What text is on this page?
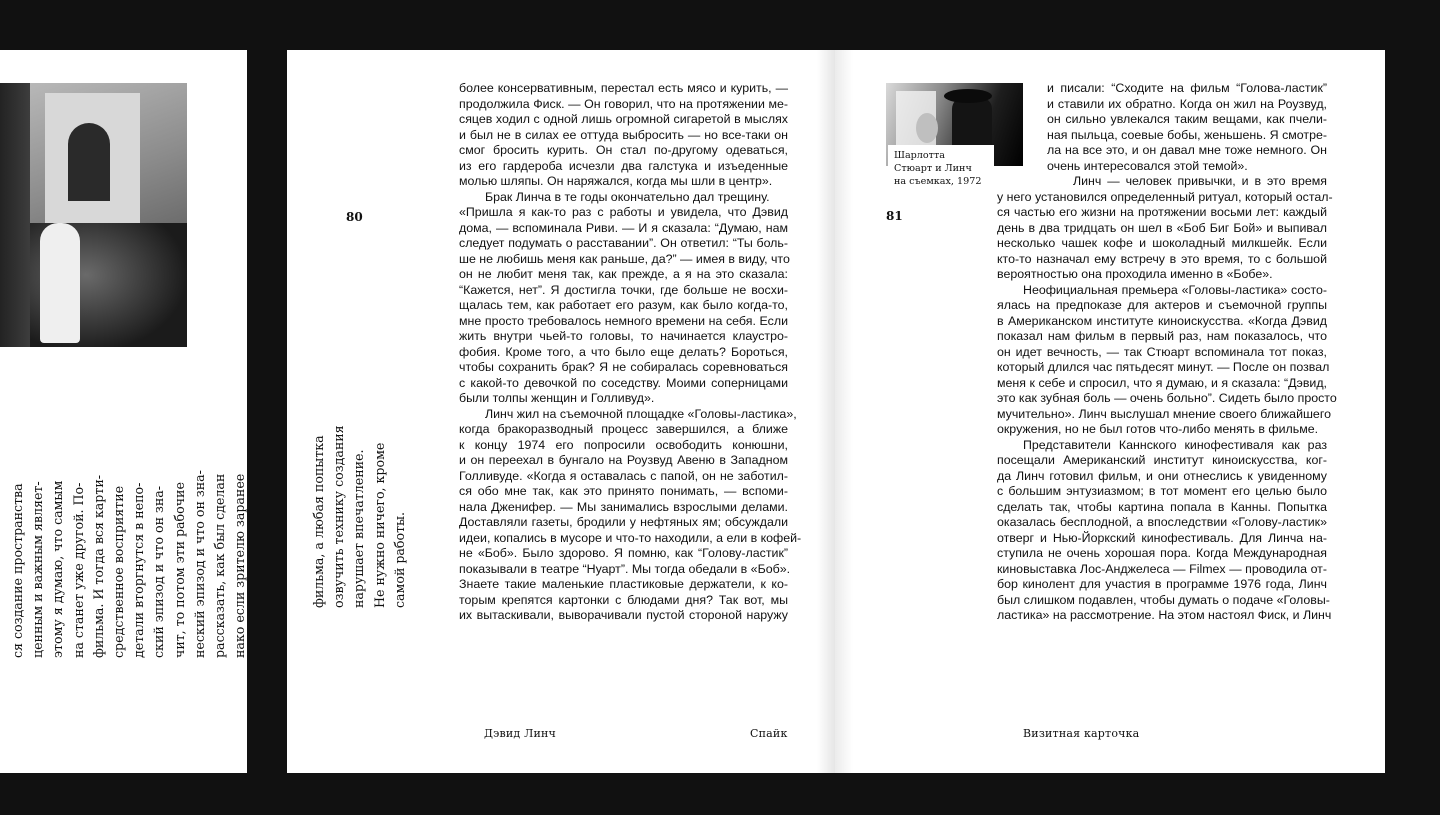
ся создание пространства ценным и важным являет- этому я думаю, что самым на станет уже другой. По- фильма. И тогда вся карти- средственное восприятие детали вторгнутся в непо- ский эпизод и что он зна- чит, то потом эти рабочие неский эпизод и что он зна- рассказать, как был сделан нако если зрителю заранее
80
фильма, а любая попытка озвучить технику создания нарушает впечатление. Не нужно ничего, кроме самой работы.
более консервативным, перестал есть мясо и курить, —
продолжила Фиск. — Он говорил, что на протяжении ме-
сяцев ходил с одной лишь огромной сигаретой в мыслях
и был не в силах ее оттуда выбросить — но все-таки он
смог бросить курить. Он стал по-другому одеваться,
из его гардероба исчезли два галстука и изъеденные
молью шляпы. Он наряжался, когда мы шли в центр».
Брак Линча в те годы окончательно дал трещину.
«Пришла я как-то раз с работы и увидела, что Дэвид
дома, — вспоминала Риви. — И я сказала: “Думаю, нам
следует подумать о расставании”. Он ответил: “Ты боль-
ше не любишь меня как раньше, да?” — имея в виду, что
он не любит меня так, как прежде, а я на это сказала:
“Кажется, нет”. Я достигла точки, где больше не восхи-
щалась тем, как работает его разум, как было когда-то,
мне просто требовалось немного времени на себя. Если
жить внутри чьей-то головы, то начинается клаустро-
фобия. Кроме того, а что было еще делать? Бороться,
чтобы сохранить брак? Я не собиралась соревноваться
с какой-то девочкой по соседству. Моими соперницами
были толпы женщин и Голливуд».
Линч жил на съемочной площадке «Головы-ластика»,
когда бракоразводный процесс завершился, а ближе
к концу 1974 его попросили освободить конюшни,
и он переехал в бунгало на Роузвуд Авеню в Западном
Голливуде. «Когда я оставалась с папой, он не заботил-
ся обо мне так, как это принято понимать, — вспоми-
нала Дженифер. — Мы занимались взрослыми делами.
Доставляли газеты, бродили у нефтяных ям; обсуждали
идеи, копались в мусоре и что-то находили, а ели в кофей-
не «Боб». Было здорово. Я помню, как “Голову-ластик”
показывали в театре “Нуарт”. Мы тогда обедали в «Боб».
Знаете такие маленькие пластиковые держатели, к ко-
торым крепятся картонки с блюдами дня? Так вот, мы
их вытаскивали, выворачивали пустой стороной наружу
Дэвид Линч	Спайк
Шарлотта
Стюарт и Линч
на съемках, 1972
81
и писали: “Сходите на фильм “Голова-ластик”
и ставили их обратно. Когда он жил на Роузвуд,
он сильно увлекался таким вещами, как пчели-
ная пыльца, соевые бобы, женьшень. Я смотре-
ла на все это, и он давал мне тоже немного. Он
очень интересовался этой темой».
Линч — человек привычки, и в это время
у него установился определенный ритуал, который остал-
ся частью его жизни на протяжении восьми лет: каждый
день в два тридцать он шел в «Боб Биг Бой» и выпивал
несколько чашек кофе и шоколадный милкшейк. Если
кто-то назначал ему встречу в это время, то с большой
вероятностью она проходила именно в «Бобе».
Неофициальная премьера «Головы-ластика» состо-
ялась на предпоказе для актеров и съемочной группы
в Американском институте киноискусства. «Когда Дэвид
показал нам фильм в первый раз, нам показалось, что
он идет вечность, — так Стюарт вспоминала тот показ,
который длился час пятьдесят минут. — После он позвал
меня к себе и спросил, что я думаю, и я сказала: “Дэвид,
это как зубная боль — очень больно”. Сидеть было просто
мучительно». Линч выслушал мнение своего ближайшего
окружения, но не был готов что-либо менять в фильме.
Представители Каннского кинофестиваля как раз
посещали Американский институт киноискусства, ког-
да Линч готовил фильм, и они отнеслись к увиденному
с большим энтузиазмом; в тот момент его целью было
сделать так, чтобы картина попала в Канны. Попытка
оказалась бесплодной, а впоследствии «Голову-ластик»
отверг и Нью-Йоркский кинофестиваль. Для Линча на-
ступила не очень хорошая пора. Когда Международная
киновыставка Лос-Анджелеса — Filmex — проводила от-
бор кинолент для участия в программе 1976 года, Линч
был слишком подавлен, чтобы думать о подаче «Головы-
ластика» на рассмотрение. На этом настоял Фиск, и Линч
Визитная карточка
